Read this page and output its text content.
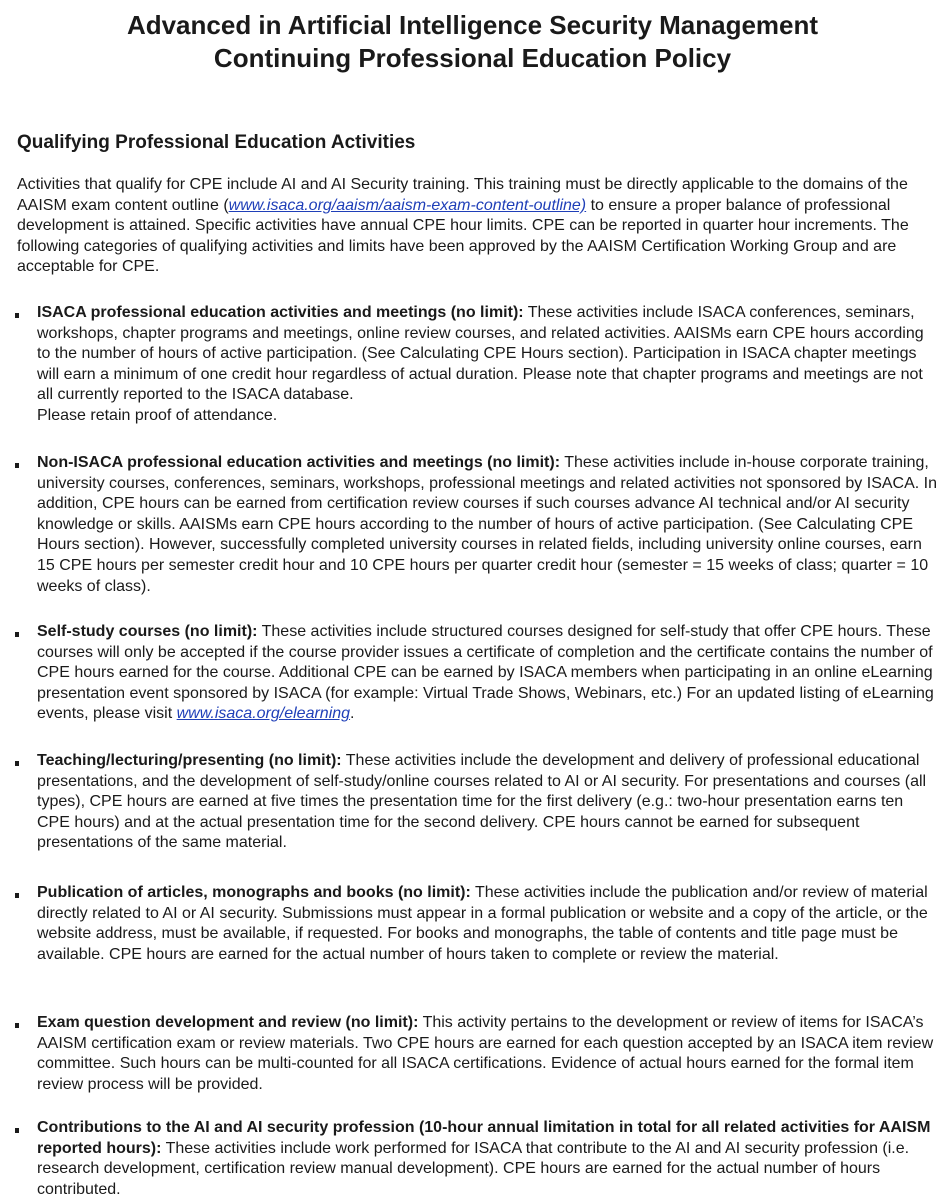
Advanced in Artificial Intelligence Security Management
Continuing Professional Education Policy
Qualifying Professional Education Activities

Activities that qualify for CPE include AI and AI Security training. This training must be directly applicable to the domains of the AAISM exam content outline (www.isaca.org/aaism/aaism-exam-content-outline) to ensure a proper balance of professional development is attained. Specific activities have annual CPE hour limits. CPE can be reported in quarter hour increments. The following categories of qualifying activities and limits have been approved by the AAISM Certification Working Group and are acceptable for CPE.

ISACA professional education activities and meetings (no limit): These activities include ISACA conferences, seminars, workshops, chapter programs and meetings, online review courses, and related activities. AAISMs earn CPE hours according to the number of hours of active participation. (See Calculating CPE Hours section). Participation in ISACA chapter meetings will earn a minimum of one credit hour regardless of actual duration. Please note that chapter programs and meetings are not all currently reported to the ISACA database.
Please retain proof of attendance.

Non-ISACA professional education activities and meetings (no limit): These activities include in-house corporate training, university courses, conferences, seminars, workshops, professional meetings and related activities not sponsored by ISACA. In addition, CPE hours can be earned from certification review courses if such courses advance AI technical and/or AI security knowledge or skills. AAISMs earn CPE hours according to the number of hours of active participation. (See Calculating CPE Hours section). However, successfully completed university courses in related fields, including university online courses, earn 15 CPE hours per semester credit hour and 10 CPE hours per quarter credit hour (semester = 15 weeks of class; quarter = 10 weeks of class).

Self-study courses (no limit): These activities include structured courses designed for self-study that offer CPE hours. These courses will only be accepted if the course provider issues a certificate of completion and the certificate contains the number of CPE hours earned for the course. Additional CPE can be earned by ISACA members when participating in an online eLearning presentation event sponsored by ISACA (for example: Virtual Trade Shows, Webinars, etc.) For an updated listing of eLearning events, please visit www.isaca.org/elearning.

Teaching/lecturing/presenting (no limit): These activities include the development and delivery of professional educational presentations, and the development of self-study/online courses related to AI or AI security. For presentations and courses (all types), CPE hours are earned at five times the presentation time for the first delivery (e.g.: two-hour presentation earns ten CPE hours) and at the actual presentation time for the second delivery. CPE hours cannot be earned for subsequent presentations of the same material.

Publication of articles, monographs and books (no limit): These activities include the publication and/or review of material directly related to AI or AI security. Submissions must appear in a formal publication or website and a copy of the article, or the website address, must be available, if requested. For books and monographs, the table of contents and title page must be available. CPE hours are earned for the actual number of hours taken to complete or review the material.

Exam question development and review (no limit): This activity pertains to the development or review of items for ISACA’s AAISM certification exam or review materials. Two CPE hours are earned for each question accepted by an ISACA item review committee. Such hours can be multi-counted for all ISACA certifications. Evidence of actual hours earned for the formal item review process will be provided.

Contributions to the AI and AI security profession (10-hour annual limitation in total for all related activities for AAISM reported hours): These activities include work performed for ISACA that contribute to the AI and AI security profession (i.e. research development, certification review manual development). CPE hours are earned for the actual number of hours contributed.
